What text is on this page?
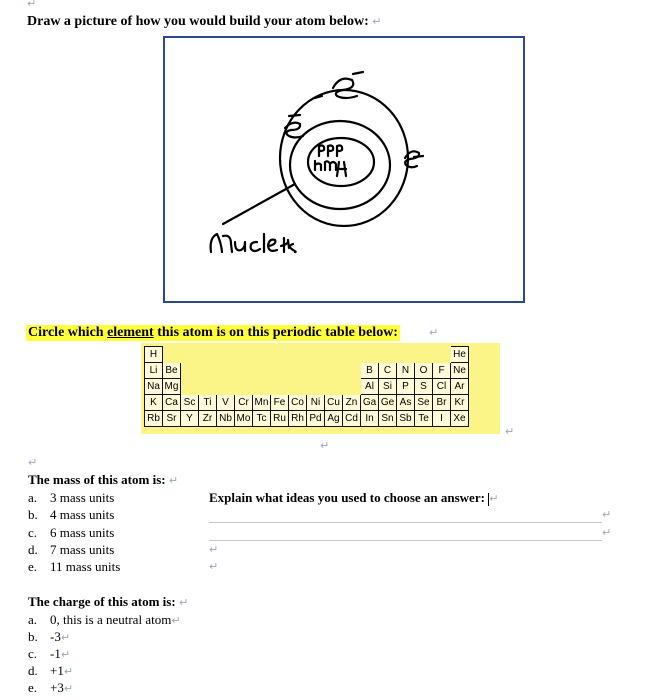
↵
Draw a picture of how you would build your atom below: ↵
e
e
ppp
hm
e
nucleus
Circle which element this atom is on this periodic table below:	↵
H																	He
Li	Be											B	C	N	O	F	Ne
Na	Mg											Al	Si	P	S	Cl	Ar
K	Ca	Sc	Ti	V	Cr	Mn	Fe	Co	Ni	Cu	Zn	Ga	Ge	As	Se	Br	Kr
Rb	Sr	Y	Zr	Nb	Mo	Tc	Ru	Rh	Pd	Ag	Cd	In	Sn	Sb	Te	I	Xe
↵
↵
↵
The mass of this atom is: ↵
a. 3 mass units
b. 4 mass units
c. 6 mass units
d. 7 mass units
e. 11 mass units
Explain what ideas you used to choose an answer: ↵
↵
↵
↵
↵
The charge of this atom is: ↵
a. 0, this is a neutral atom↵
b. -3↵
c. -1↵
d. +1↵
e. +3↵
